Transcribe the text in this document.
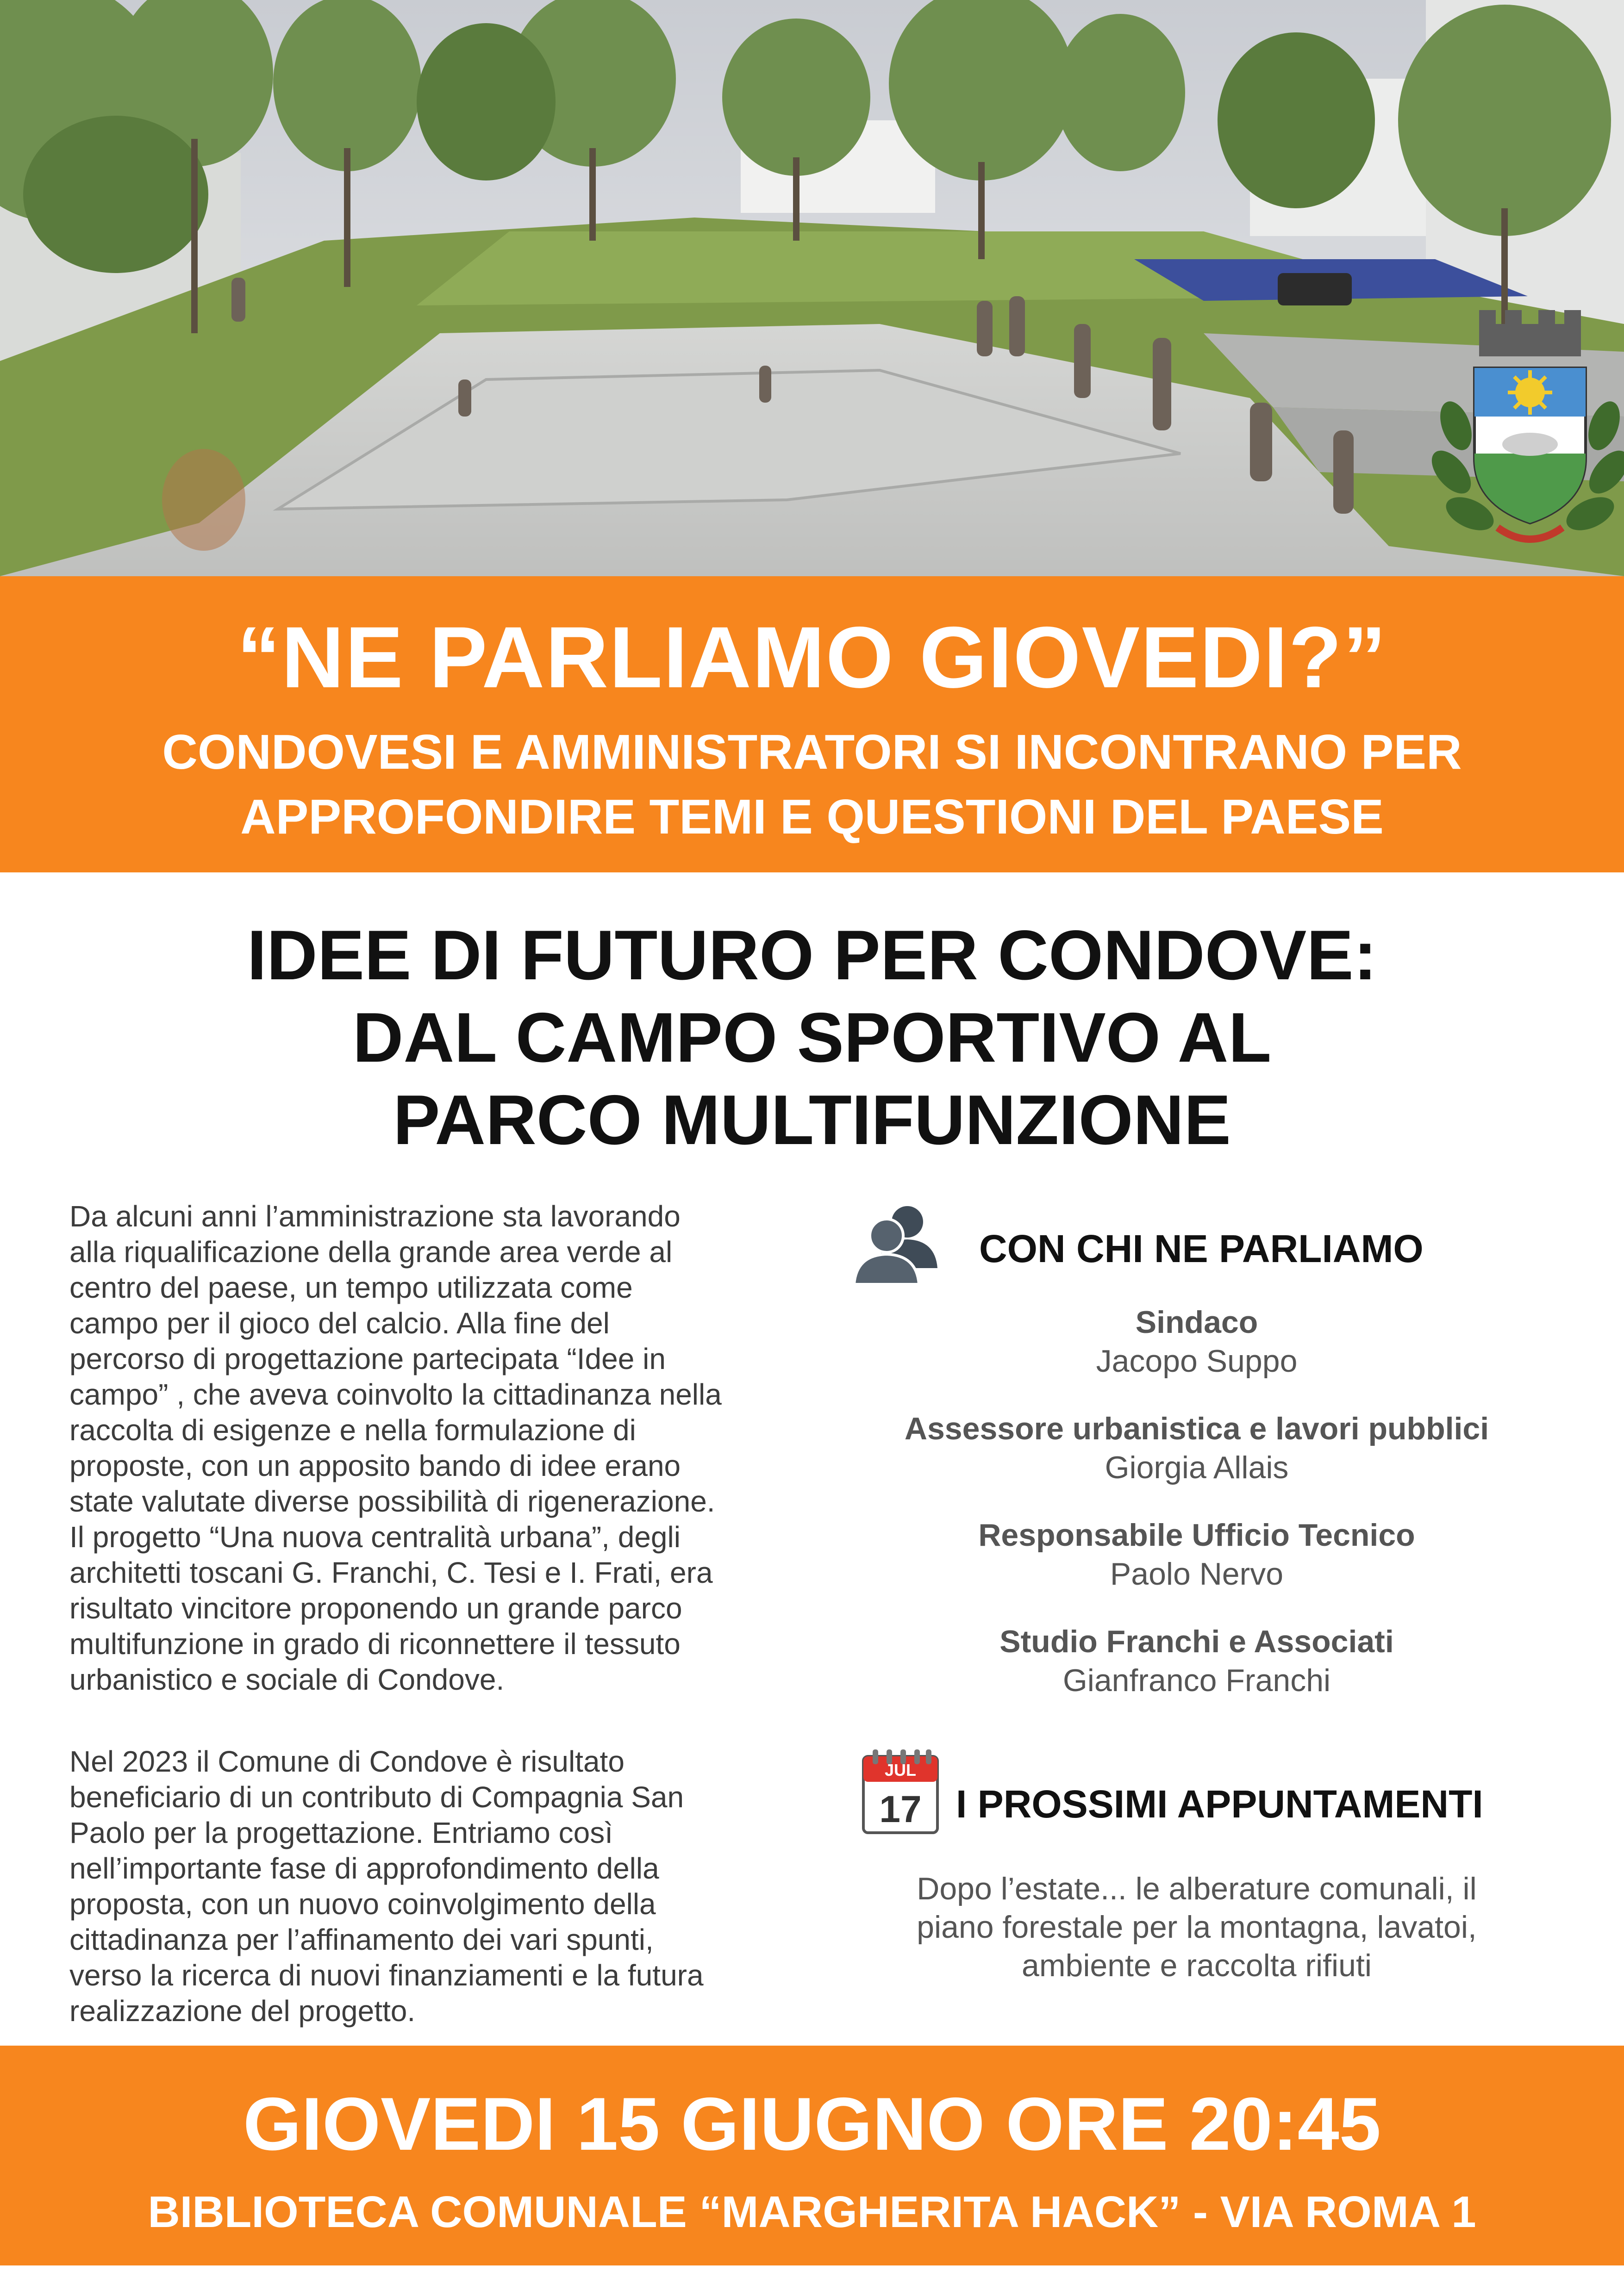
“NE PARLIAMO GIOVEDI?”
CONDOVESI E AMMINISTRATORI SI INCONTRANO PER
APPROFONDIRE TEMI E QUESTIONI DEL PAESE
IDEE DI FUTURO PER CONDOVE:
DAL CAMPO SPORTIVO AL
PARCO MULTIFUNZIONE

Da alcuni anni l’amministrazione sta lavorando
alla riqualificazione della grande area verde al
centro del paese, un tempo utilizzata come
campo per il gioco del calcio. Alla fine del
percorso di progettazione partecipata “Idee in
campo” , che aveva coinvolto la cittadinanza nella
raccolta di esigenze e nella formulazione di
proposte, con un apposito bando di idee erano
state valutate diverse possibilità di rigenerazione.
Il progetto “Una nuova centralità urbana”, degli
architetti toscani G. Franchi, C. Tesi e I. Frati, era
risultato vincitore proponendo un grande parco
multifunzione in grado di riconnettere il tessuto
urbanistico e sociale di Condove.

Nel 2023 il Comune di Condove è risultato
beneficiario di un contributo di Compagnia San
Paolo per la progettazione. Entriamo così
nell’importante fase di approfondimento della
proposta, con un nuovo coinvolgimento della
cittadinanza per l’affinamento dei vari spunti,
verso la ricerca di nuovi finanziamenti e la futura
realizzazione del progetto.

CON CHI NE PARLIAMO
Sindaco
Jacopo Suppo
Assessore urbanistica e lavori pubblici
Giorgia Allais
Responsabile Ufficio Tecnico
Paolo Nervo
Studio Franchi e Associati
Gianfranco Franchi
JUL
17 I PROSSIMI APPUNTAMENTI
Dopo l’estate... le alberature comunali, il
piano forestale per la montagna, lavatoi,
ambiente e raccolta rifiuti
GIOVEDI 15 GIUGNO ORE 20:45
BIBLIOTECA COMUNALE “MARGHERITA HACK” - VIA ROMA 1
